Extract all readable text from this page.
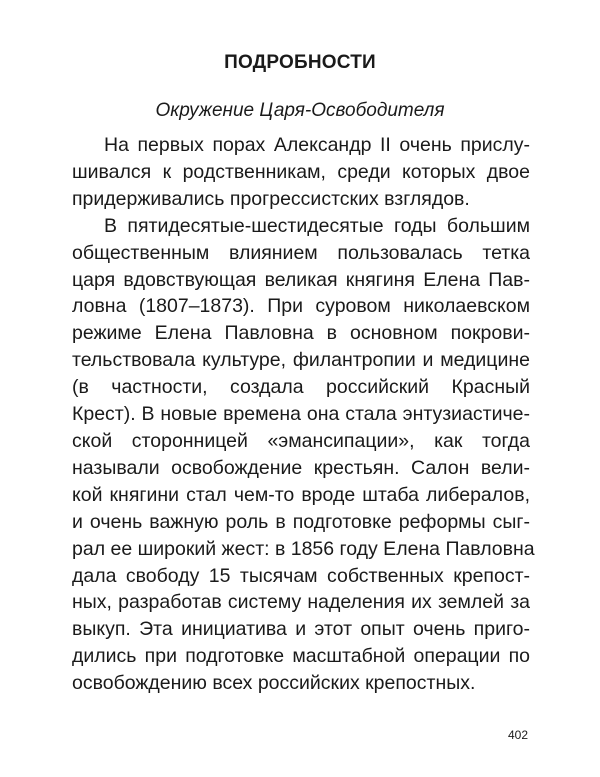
ПОДРОБНОСТИ
Окружение Царя-Освободителя
На первых порах Александр II очень прислу-
шивался к родственникам, среди которых двое
придерживались прогрессистских взглядов.
В пятидесятые-шестидесятые годы большим
общественным влиянием пользовалась тетка
царя вдовствующая великая княгиня Елена Пав-
ловна (1807–1873). При суровом николаевском
режиме Елена Павловна в основном покрови-
тельствовала культуре, филантропии и медицине
(в частности, создала российский Красный
Крест). В новые времена она стала энтузиастиче-
ской сторонницей «эмансипации», как тогда
называли освобождение крестьян. Салон вели-
кой княгини стал чем-то вроде штаба либералов,
и очень важную роль в подготовке реформы сыг-
рал ее широкий жест: в 1856 году Елена Павловна
дала свободу 15 тысячам собственных крепост-
ных, разработав систему наделения их землей за
выкуп. Эта инициатива и этот опыт очень приго-
дились при подготовке масштабной операции по
освобождению всех российских крепостных.
402
